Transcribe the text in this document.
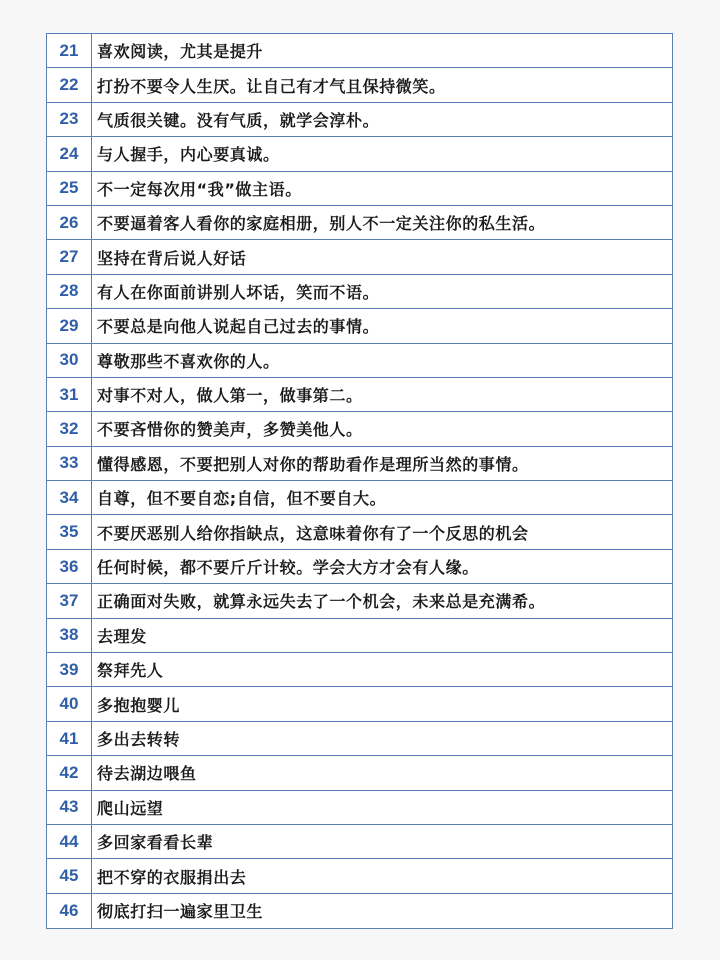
21	喜欢阅读，尤其是提升
22	打扮不要令人生厌。让自己有才气且保持微笑。
23	气质很关键。没有气质，就学会淳朴。
24	与人握手，内心要真诚。
25	不一定每次用“我”做主语。
26	不要逼着客人看你的家庭相册，别人不一定关注你的私生活。
27	坚持在背后说人好话
28	有人在你面前讲别人坏话，笑而不语。
29	不要总是向他人说起自己过去的事情。
30	尊敬那些不喜欢你的人。
31	对事不对人，做人第一，做事第二。
32	不要吝惜你的赞美声，多赞美他人。
33	懂得感恩，不要把别人对你的帮助看作是理所当然的事情。
34	自尊，但不要自恋;自信，但不要自大。
35	不要厌恶别人给你指缺点，这意味着你有了一个反思的机会
36	任何时候，都不要斤斤计较。学会大方才会有人缘。
37	正确面对失败，就算永远失去了一个机会，未来总是充满希。
38	去理发
39	祭拜先人
40	多抱抱婴儿
41	多出去转转
42	待去湖边喂鱼
43	爬山远望
44	多回家看看长辈
45	把不穿的衣服捐出去
46	彻底打扫一遍家里卫生
